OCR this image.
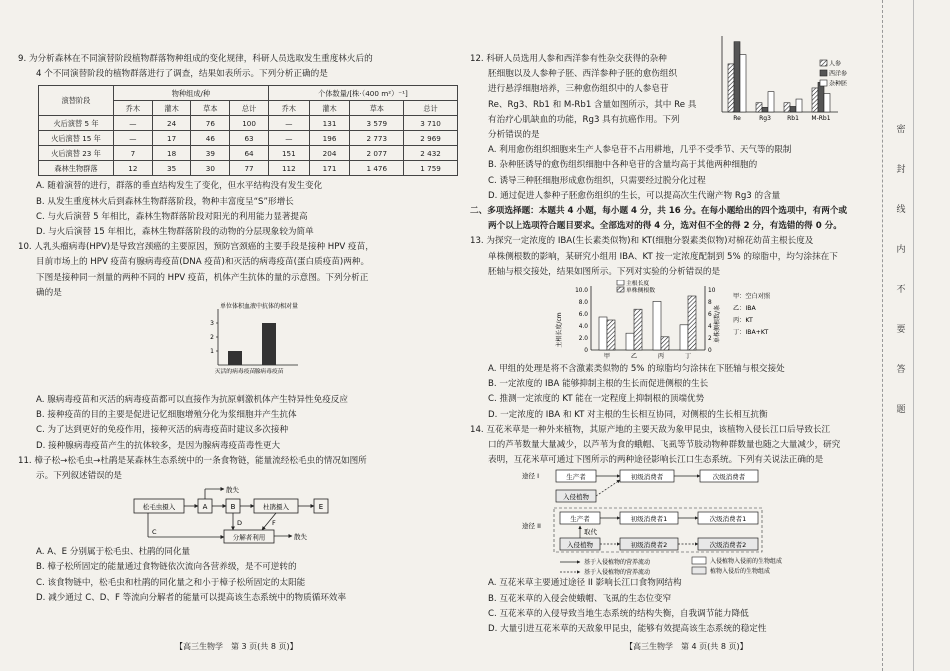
9. 为分析森林在不同演替阶段植物群落物种组成的变化规律，科研人员选取发生重度林火后的
4 个不同演替阶段的植物群落进行了调查，结果如表所示。下列分析正确的是
演替阶段	物种组成/种				个体数量/[株·（400 m²）⁻¹]			
	乔木	灌木	草本	总计	乔木	灌木	草本	总计
火后演替 5 年	—	24	76	100	—	131	3 579	3 710
火后演替 15 年	—	17	46	63	—	196	2 773	2 969
火后演替 23 年	7	18	39	64	151	204	2 077	2 432
森林生物群落	12	35	30	77	112	171	1 476	1 759
A. 随着演替的进行，群落的垂直结构发生了变化，但水平结构没有发生变化
B. 从发生重度林火后到森林生物群落阶段，物种丰富度呈“S”形增长
C. 与火后演替 5 年相比，森林生物群落阶段对阳光的利用能力显著提高
D. 与火后演替 15 年相比，森林生物群落阶段的动物的分层现象较为简单
10. 人乳头瘤病毒(HPV)是导致宫颈癌的主要原因，预防宫颈癌的主要手段是接种 HPV 疫苗，
目前市场上的 HPV 疫苗有腺病毒疫苗(DNA 疫苗)和灭活的病毒疫苗(蛋白质疫苗)两种。
下图是接种同一剂量的两种不同的 HPV 疫苗，机体产生抗体的量的示意图。下列分析正
确的是
单位体积血液中抗体的相对量
1
2
3
灭活的病毒疫苗 腺病毒疫苗
A. 腺病毒疫苗和灭活的病毒疫苗都可以直接作为抗原刺激机体产生特异性免疫反应
B. 接种疫苗的目的主要是促进记忆细胞增殖分化为浆细胞并产生抗体
C. 为了达到更好的免疫作用，接种灭活的病毒疫苗时建议多次接种
D. 接种腺病毒疫苗产生的抗体较多，是因为腺病毒疫苗毒性更大
11. 樟子松→松毛虫→杜鹃是某森林生态系统中的一条食物链，能量流经松毛虫的情况如图所
示。下列叙述错误的是
松毛虫摄入	A
散失
B	杜鹃摄入	E
C
D	F
分解者利用	散失
A. A、E 分别属于松毛虫、杜鹃的同化量
B. 樟子松所固定的能量通过食物链依次流向各营养级，是不可逆转的
C. 该食物链中，松毛虫和杜鹃的同化量之和小于樟子松所固定的太阳能
D. 减少通过 C、D、F 等流向分解者的能量可以提高该生态系统中的物质循环效率
【高三生物学　第 3 页(共 8 页)】
12. 科研人员选用人参和西洋参有性杂交获得的杂种
胚细胞以及人参种子胚、西洋参种子胚的愈伤组织
进行悬浮细胞培养，三种愈伤组织中的人参皂苷
Re、Rg3、Rb1 和 M-Rb1 含量如图所示，其中 Re 具
有治疗心肌缺血的功能，Rg3 具有抗癌作用。下列
分析错误的是
Re	Rg3	Rb1 M-Rb1
人参
西洋参
杂种胚
A. 利用愈伤组织细胞来生产人参皂苷不占用耕地，几乎不受季节、天气等的限制
B. 杂种胚诱导的愈伤组织细胞中各种皂苷的含量均高于其他两种细胞的
C. 诱导三种胚细胞形成愈伤组织，只需要经过脱分化过程
D. 通过促进人参种子胚愈伤组织的生长，可以提高次生代谢产物 Rg3 的含量
二、多项选择题：本题共 4 小题，每小题 4 分，共 16 分。在每小题给出的四个选项中，有两个或
两个以上选项符合题目要求。全部选对的得 4 分，选对但不全的得 2 分，有选错的得 0 分。
13. 为探究一定浓度的 IBA(生长素类似物)和 KT(细胞分裂素类似物)对棉花幼苗主根长度及
单株侧根数的影响，某研究小组用 IBA、KT 按一定浓度配制到 5% 的琼脂中，均匀涂抹在下
胚轴与根交接处，结果如图所示。下列对实验的分析错误的是
主根长度/cm	单株侧根数/条
0	0
2.0	2
4.0	4
6.0	6
8.0	8
10.0	10
甲	乙	丙	丁
主根长度
单株侧根数
甲：空白对照
乙：IBA
丙：KT
丁：IBA+KT
A. 甲组的处理是将不含激素类似物的 5% 的琼脂均匀涂抹在下胚轴与根交接处
B. 一定浓度的 IBA 能够抑制主根的生长而促进侧根的生长
C. 推测一定浓度的 KT 能在一定程度上抑制根的顶端优势
D. 一定浓度的 IBA 和 KT 对主根的生长相互协同，对侧根的生长相互抗衡
14. 互花米草是一种外来植物，其原产地的主要天敌为象甲昆虫，该植物入侵长江口后导致长江
口的芦苇数量大量减少，以芦苇为食的蛾帽、飞虱等节肢动物种群数量也随之大量减少，研究
表明，互花米草可通过下图所示的两种途径影响长江口生态系统。下列有关说法正确的是
途径 I	生产者	初级消费者	次级消费者
入侵植物
途径 II
生产者	初级消费者1	次级消费者1
取代
入侵植物	初级消费者2	次级消费者2
基于入侵植物的营养流动
基于入侵植物的营养流动
入侵植物入侵前的生物组成
植物入侵后的生物组成
A. 互花米草主要通过途径 II 影响长江口食物网结构
B. 互花米草的入侵会使蛾帽、飞虱的生态位变窄
C. 互花米草的入侵导致当地生态系统的结构失衡，自我调节能力降低
D. 大量引进互花米草的天敌象甲昆虫，能够有效提高该生态系统的稳定性
【高三生物学　第 4 页(共 8 页)】
密
封
线
内
不
要
答
题
